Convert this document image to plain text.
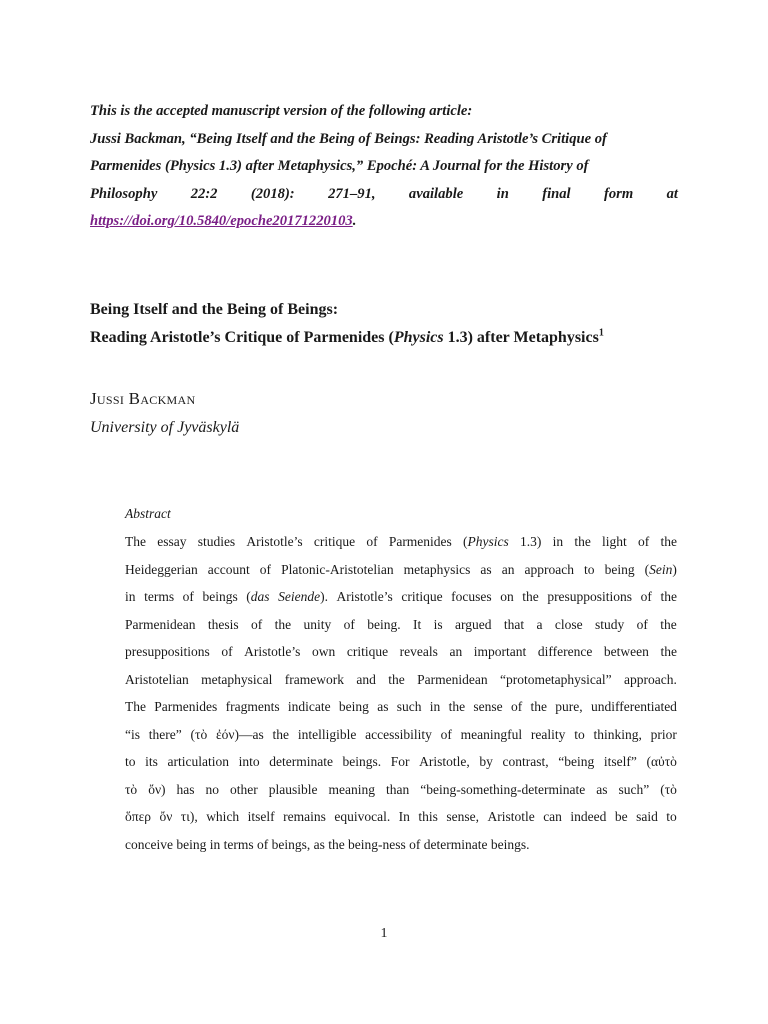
This is the accepted manuscript version of the following article:
Jussi Backman, “Being Itself and the Being of Beings: Reading Aristotle’s Critique of
Parmenides (Physics 1.3) after Metaphysics,” Epoché: A Journal for the History of
Philosophy 22:2 (2018): 271–91, available in final form at
https://doi.org/10.5840/epoche20171220103.
Being Itself and the Being of Beings:
Reading Aristotle’s Critique of Parmenides (Physics 1.3) after Metaphysics$^1$
Jussi Backman
University of Jyväskylä
Abstract
The essay studies Aristotle’s critique of Parmenides (Physics 1.3) in the light of the
Heideggerian account of Platonic-Aristotelian metaphysics as an approach to being (Sein)
in terms of beings (das Seiende). Aristotle’s critique focuses on the presuppositions of the
Parmenidean thesis of the unity of being. It is argued that a close study of the
presuppositions of Aristotle’s own critique reveals an important difference between the
Aristotelian metaphysical framework and the Parmenidean “protometaphysical” approach.
The Parmenides fragments indicate being as such in the sense of the pure, undifferentiated
“is there” (τὸ ἐόν)—as the intelligible accessibility of meaningful reality to thinking, prior
to its articulation into determinate beings. For Aristotle, by contrast, “being itself” (αὐτὸ
τὸ ὄν) has no other plausible meaning than “being-something-determinate as such” (τὸ
ὅπερ ὄν τι), which itself remains equivocal. In this sense, Aristotle can indeed be said to
conceive being in terms of beings, as the being-ness of determinate beings.
1
